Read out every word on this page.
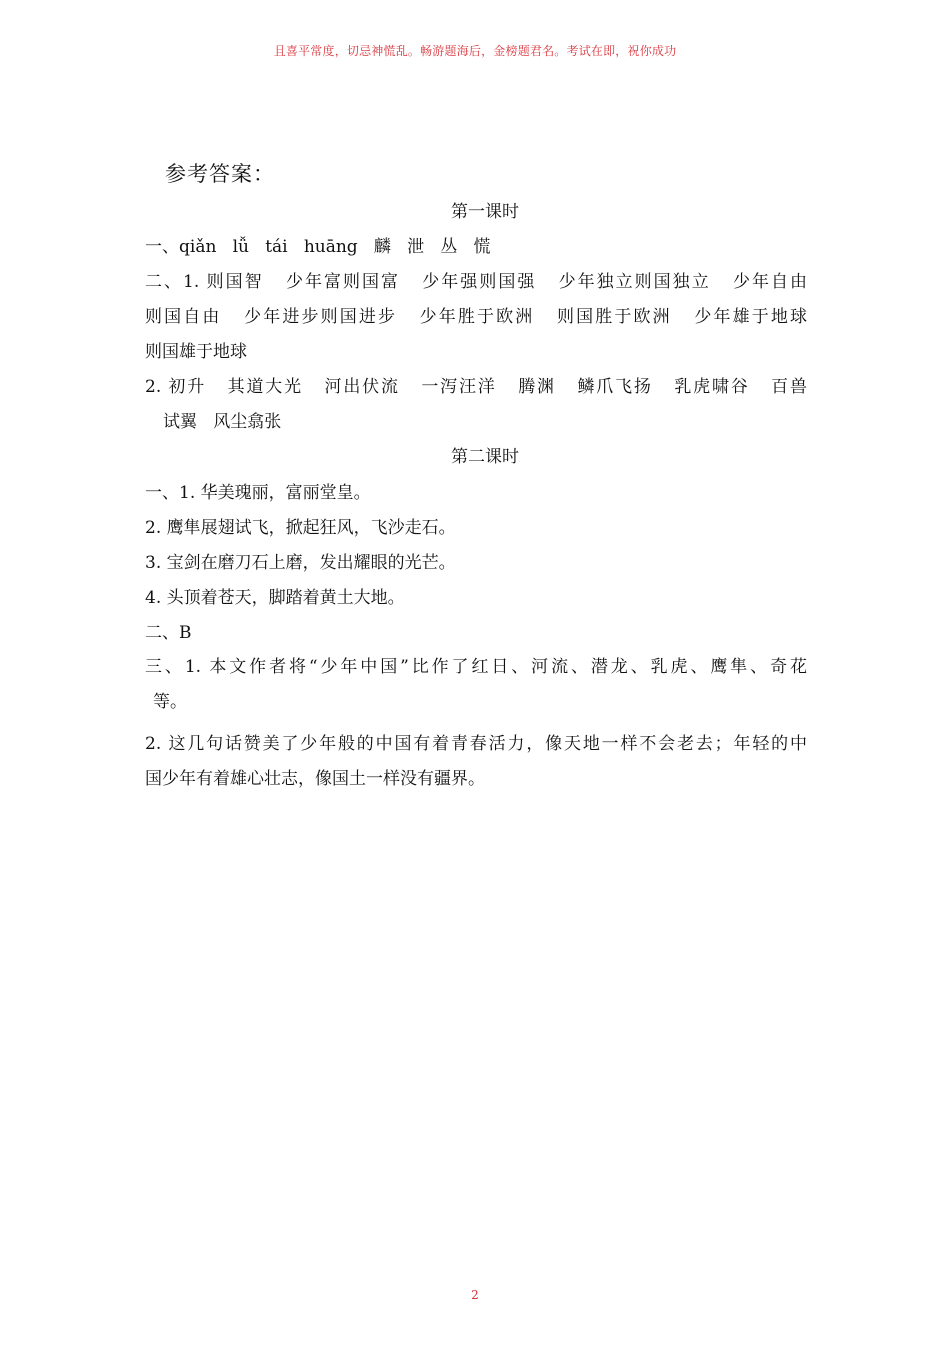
且喜平常度，切忌神慌乱。畅游题海后，金榜题君名。考试在即，祝你成功
参考答案：
第一课时
一、qiǎn   lǚ   tái   huāng   麟   泄   丛   慌
二、1. 则国智   少年富则国富   少年强则国强   少年独立则国独立   少年自由
则国自由   少年进步则国进步   少年胜于欧洲   则国胜于欧洲   少年雄于地球
则国雄于地球
2. 初升   其道大光   河出伏流   一泻汪洋   腾渊   鳞爪飞扬   乳虎啸谷   百兽
试翼   风尘翕张
第二课时
一、1. 华美瑰丽，富丽堂皇。
2. 鹰隼展翅试飞，掀起狂风，飞沙走石。
3. 宝剑在磨刀石上磨，发出耀眼的光芒。
4. 头顶着苍天，脚踏着黄土大地。
二、B
三、1. 本文作者将“少年中国”比作了红日、河流、潜龙、乳虎、鹰隼、奇花
等。
2. 这几句话赞美了少年般的中国有着青春活力，像天地一样不会老去；年轻的中
国少年有着雄心壮志，像国土一样没有疆界。
2
